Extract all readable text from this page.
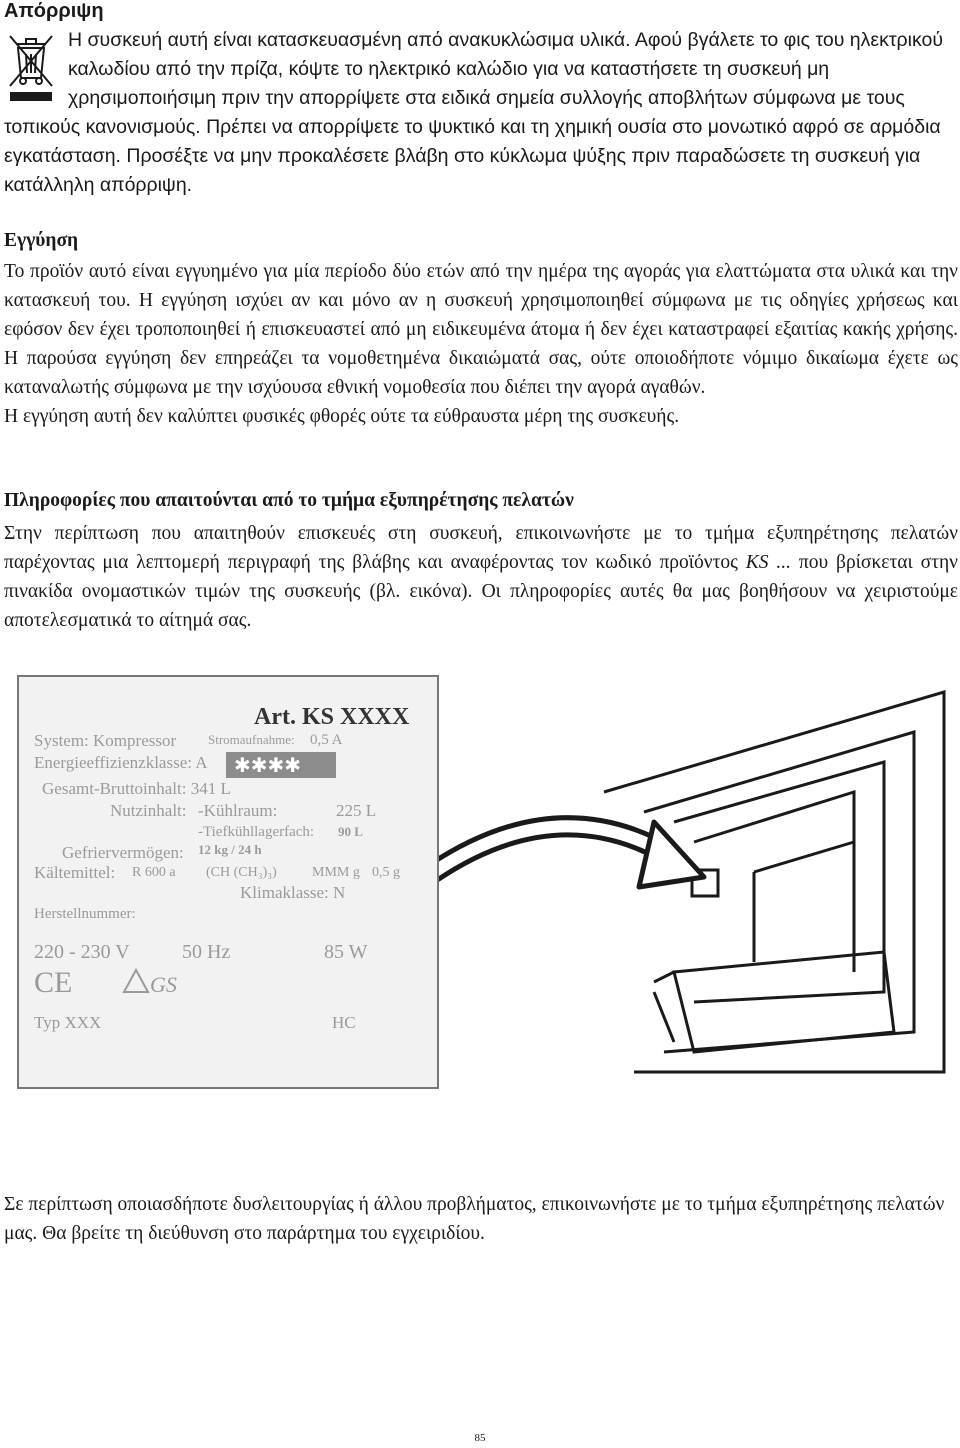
Απόρριψη

Η συσκευή αυτή είναι κατασκευασμένη από ανακυκλώσιμα υλικά. Αφού βγάλετε το φις του ηλεκτρικού καλωδίου από την πρίζα, κόψτε το ηλεκτρικό καλώδιο για να καταστήσετε τη συσκευή μη χρησιμοποιήσιμη πριν την απορρίψετε στα ειδικά σημεία συλλογής αποβλήτων σύμφωνα με τους τοπικούς κανονισμούς. Πρέπει να απορρίψετε το ψυκτικό και τη χημική ουσία στο μονωτικό αφρό σε αρμόδια εγκατάσταση. Προσέξτε να μην προκαλέσετε βλάβη στο κύκλωμα ψύξης πριν παραδώσετε τη συσκευή για κατάλληλη απόρριψη.

Εγγύηση
Το προϊόν αυτό είναι εγγυημένο για μία περίοδο δύο ετών από την ημέρα της αγοράς για ελαττώματα στα υλικά και την κατασκευή του. Η εγγύηση ισχύει αν και μόνο αν η συσκευή χρησιμοποιηθεί σύμφωνα με τις οδηγίες χρήσεως και εφόσον δεν έχει τροποποιηθεί ή επισκευαστεί από μη ειδικευμένα άτομα ή δεν έχει καταστραφεί εξαιτίας κακής χρήσης. Η παρούσα εγγύηση δεν επηρεάζει τα νομοθετημένα δικαιώματά σας, ούτε οποιοδήποτε νόμιμο δικαίωμα έχετε ως καταναλωτής σύμφωνα με την ισχύουσα εθνική νομοθεσία που διέπει την αγορά αγαθών.
Η εγγύηση αυτή δεν καλύπτει φυσικές φθορές ούτε τα εύθραυστα μέρη της συσκευής.
Πληροφορίες που απαιτούνται από το τμήμα εξυπηρέτησης πελατών

Στην περίπτωση που απαιτηθούν επισκευές στη συσκευή, επικοινωνήστε με το τμήμα εξυπηρέτησης πελατών παρέχοντας μια λεπτομερή περιγραφή της βλάβης και αναφέροντας τον κωδικό προϊόντος KS ... που βρίσκεται στην πινακίδα ονομαστικών τιμών της συσκευής (βλ. εικόνα). Οι πληροφορίες αυτές θα μας βοηθήσουν να χειριστούμε αποτελεσματικά το αίτημά σας.

Art. KS XXXX
System: Kompressor Stromaufnahme: 0,5 A
Energieeffizienzklasse: A ✱✱✱✱
Gesamt-Bruttoinhalt: 341 L
Nutzinhalt: -Kühlraum:	225 L
-Tiefkühllagerfach: 90 L
Gefriervermögen: 12 kg / 24 h
Kältemittel: R 600 a (CH (CH₃)₃)	MMM g 0,5 g
Klimaklasse: N
Herstellnummer:
220 - 230 V	50 Hz	85 W
CE	GS
Typ XXX	HC

Σε περίπτωση οποιασδήποτε δυσλειτουργίας ή άλλου προβλήματος, επικοινωνήστε με το τμήμα εξυπηρέτησης πελατών μας. Θα βρείτε τη διεύθυνση στο παράρτημα του εγχειριδίου.

85
